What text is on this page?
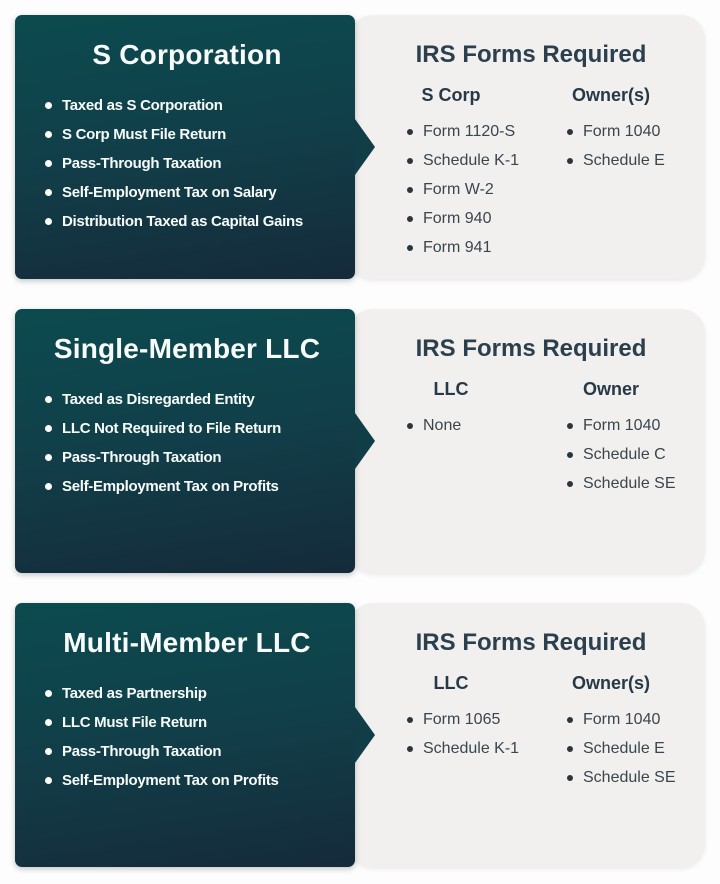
S Corporation
Taxed as S Corporation
S Corp Must File Return
Pass-Through Taxation
Self-Employment Tax on Salary
Distribution Taxed as Capital Gains
IRS Forms Required
S Corp
Form 1120-S
Schedule K-1
Form W-2
Form 940
Form 941
Owner(s)
Form 1040
Schedule E
Single-Member LLC
Taxed as Disregarded Entity
LLC Not Required to File Return
Pass-Through Taxation
Self-Employment Tax on Profits
IRS Forms Required
LLC
None
Owner
Form 1040
Schedule C
Schedule SE
Multi-Member LLC
Taxed as Partnership
LLC Must File Return
Pass-Through Taxation
Self-Employment Tax on Profits
IRS Forms Required
LLC
Form 1065
Schedule K-1
Owner(s)
Form 1040
Schedule E
Schedule SE
